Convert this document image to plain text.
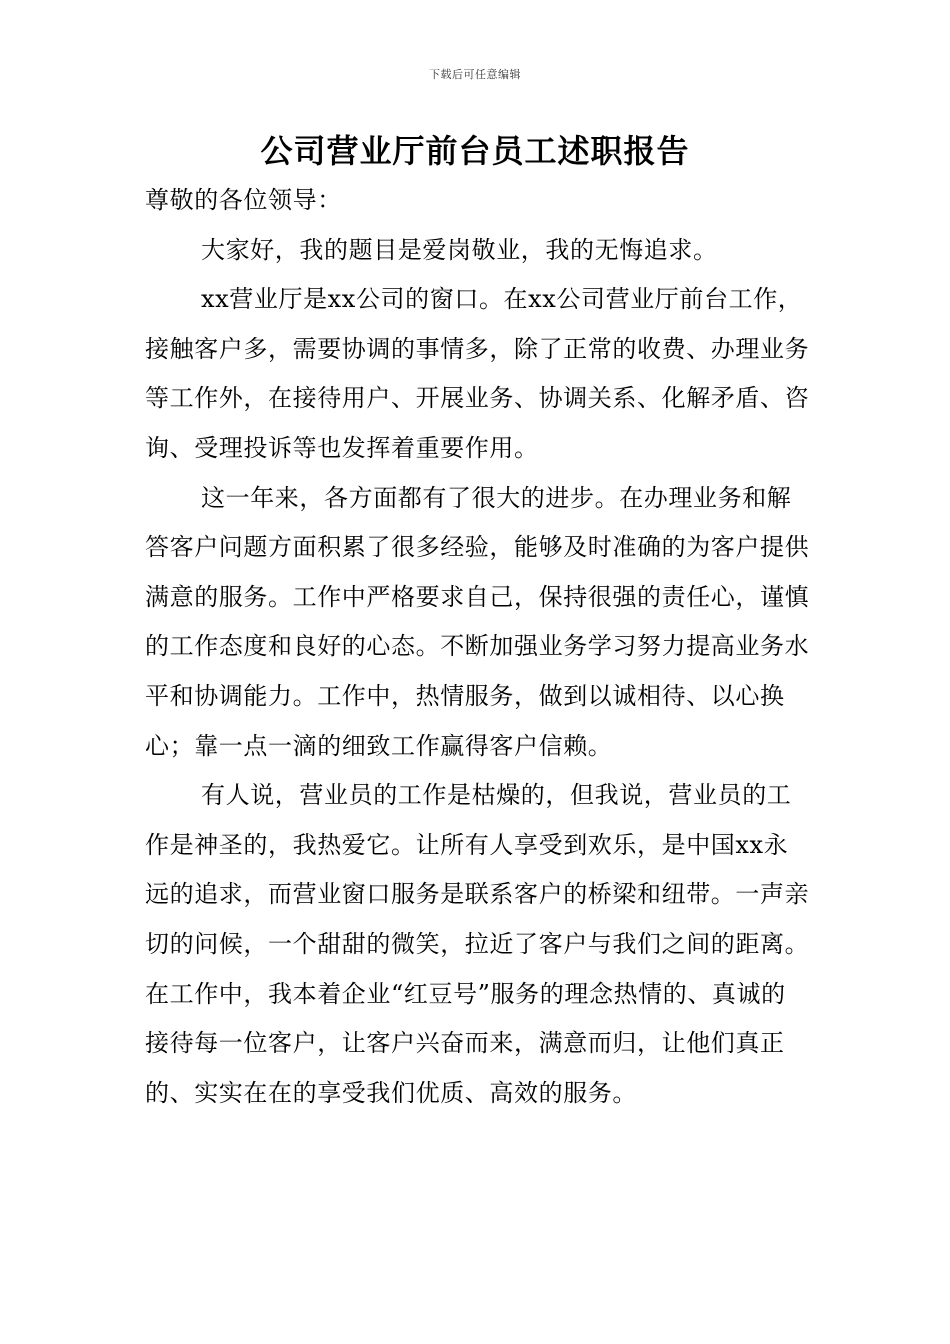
下载后可任意编辑
公司营业厅前台员工述职报告

尊敬的各位领导：

大家好，我的题目是爱岗敬业，我的无悔追求。

xx营业厅是xx公司的窗口。在xx公司营业厅前台工作，接触客户多，需要协调的事情多，除了正常的收费、办理业务等工作外，在接待用户、开展业务、协调关系、化解矛盾、咨询、受理投诉等也发挥着重要作用。

这一年来，各方面都有了很大的进步。在办理业务和解答客户问题方面积累了很多经验，能够及时准确的为客户提供满意的服务。工作中严格要求自己，保持很强的责任心，谨慎的工作态度和良好的心态。不断加强业务学习努力提高业务水平和协调能力。工作中，热情服务，做到以诚相待、以心换心；靠一点一滴的细致工作赢得客户信赖。

有人说，营业员的工作是枯燥的，但我说，营业员的工作是神圣的，我热爱它。让所有人享受到欢乐，是中国xx永远的追求，而营业窗口服务是联系客户的桥梁和纽带。一声亲切的问候，一个甜甜的微笑，拉近了客户与我们之间的距离。在工作中，我本着企业“红豆号”服务的理念热情的、真诚的接待每一位客户，让客户兴奋而来，满意而归，让他们真正的、实实在在的享受我们优质、高效的服务。
